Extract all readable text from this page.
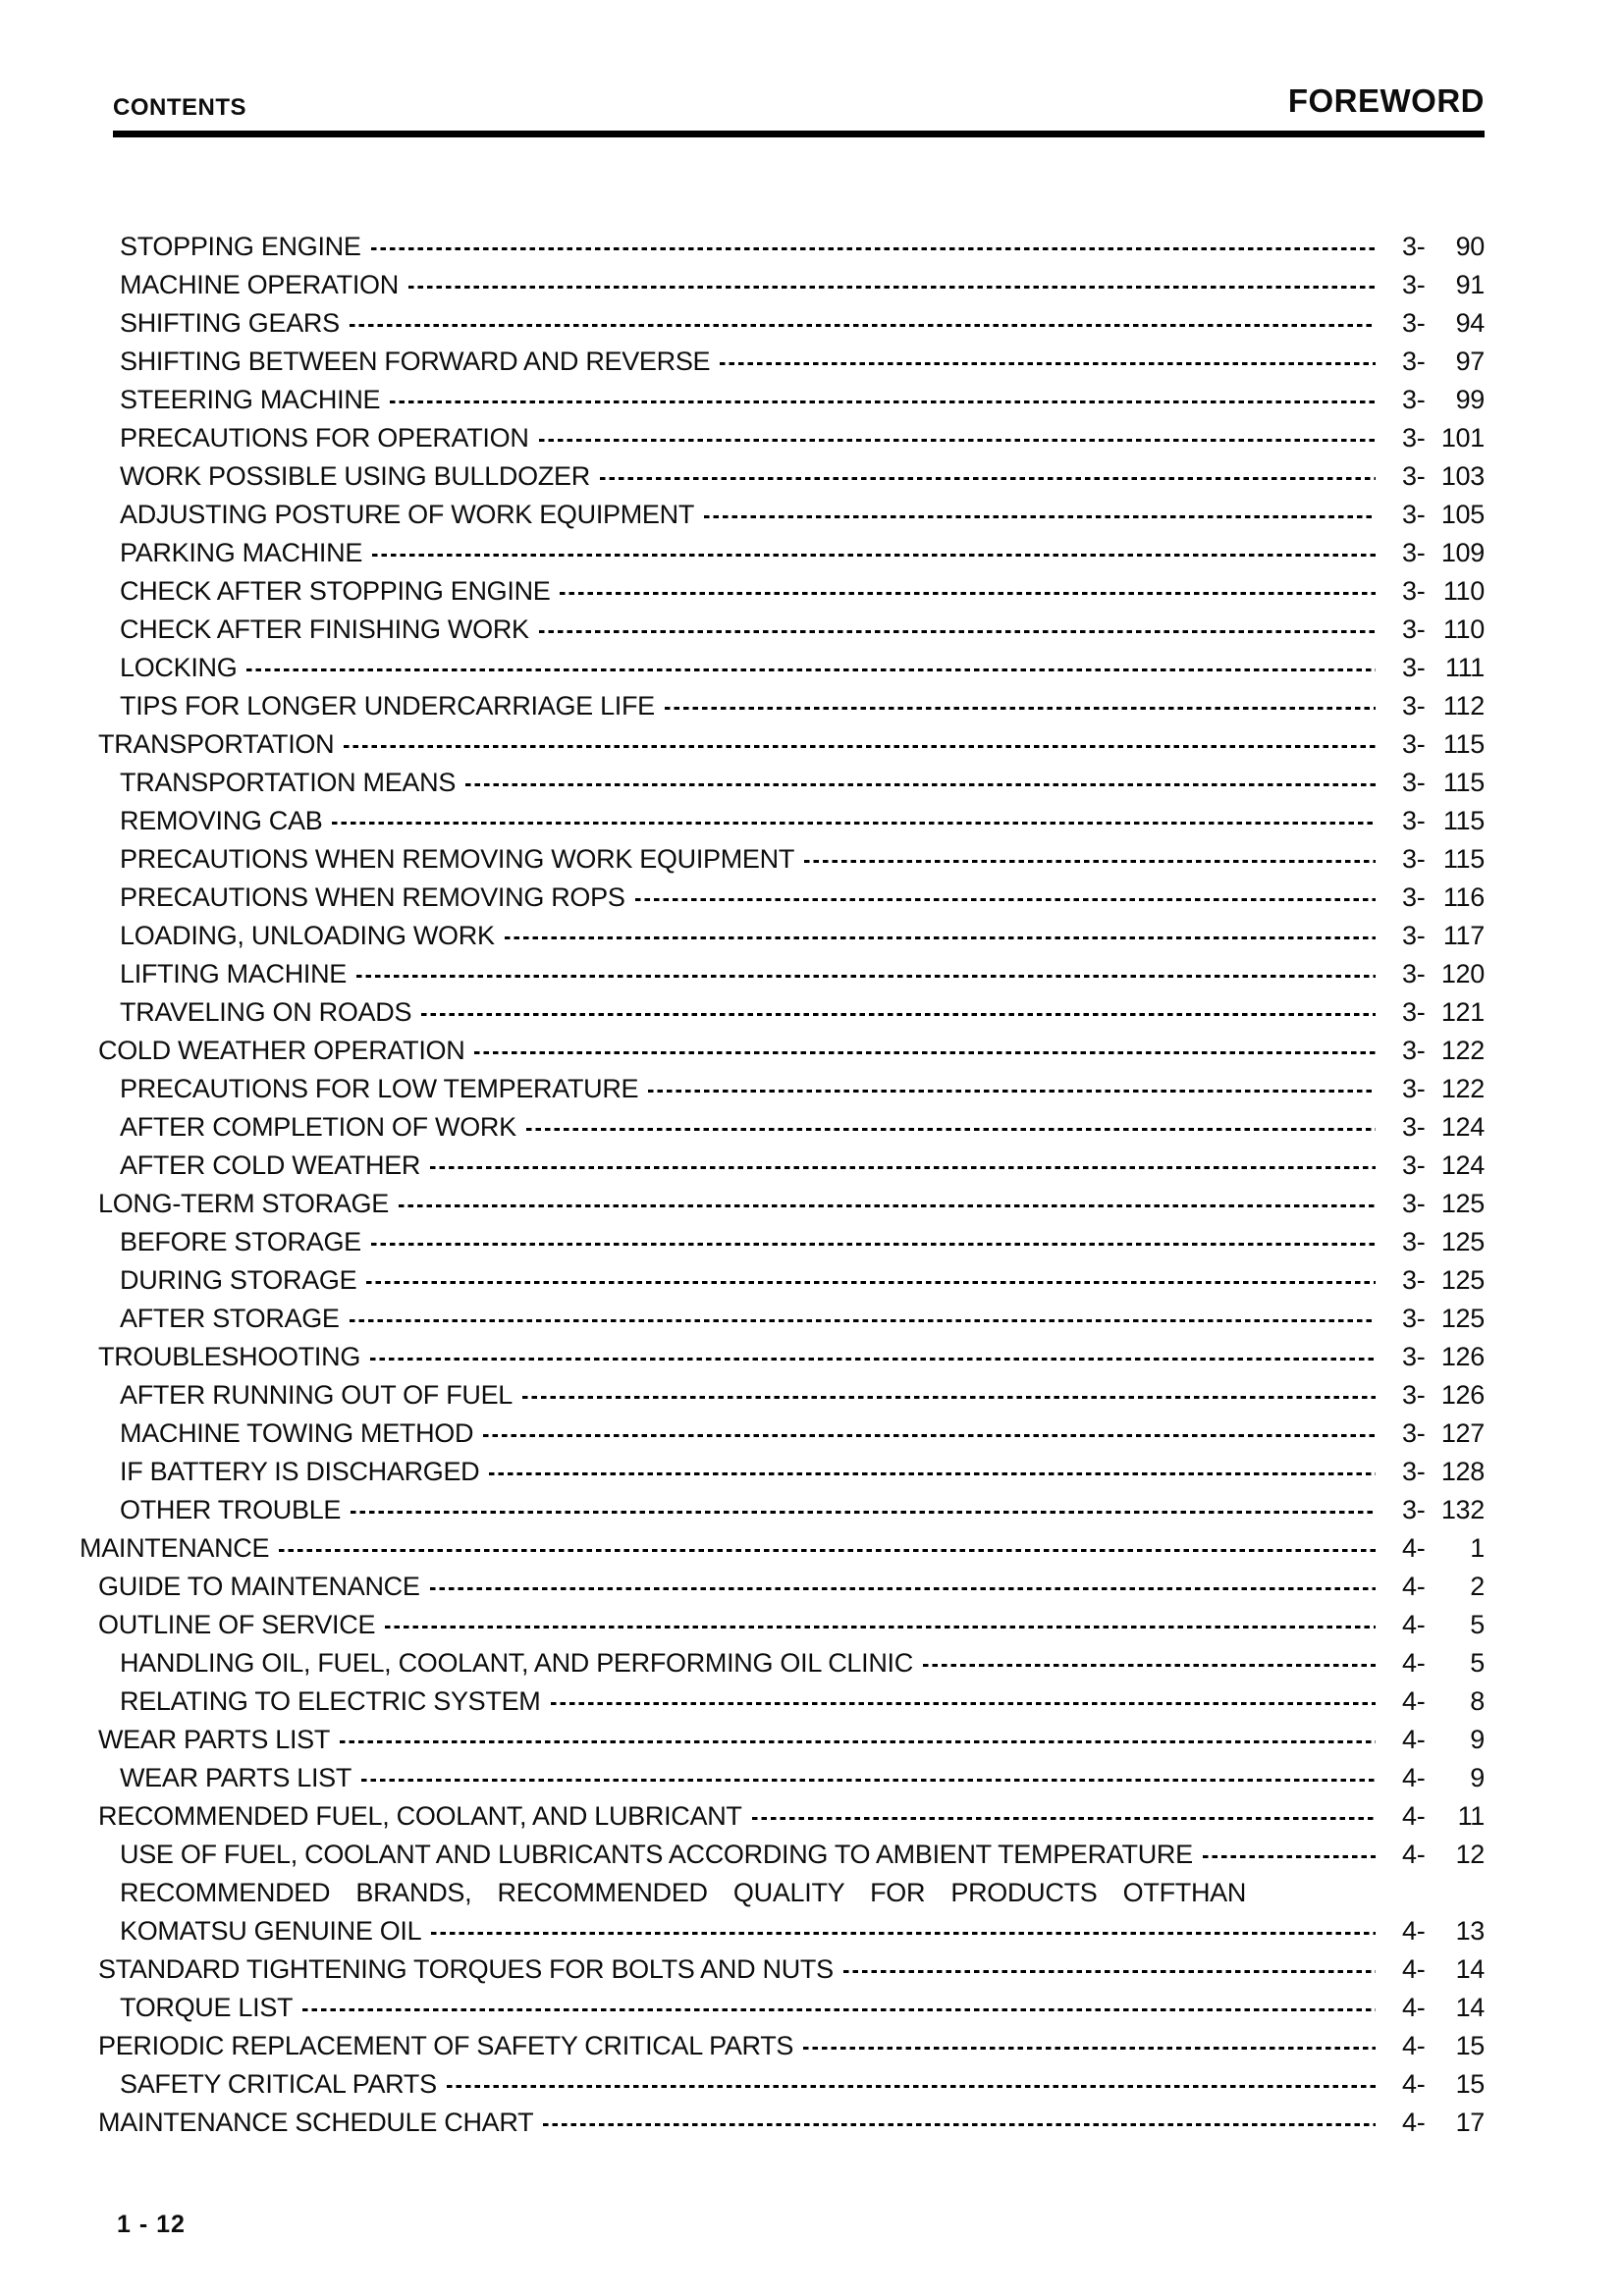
CONTENTS	FOREWORD
STOPPING ENGINE	3- 90
MACHINE OPERATION	3- 91
SHIFTING GEARS	3- 94
SHIFTING BETWEEN FORWARD AND REVERSE	3- 97
STEERING MACHINE	3- 99
PRECAUTIONS FOR OPERATION	3- 101
WORK POSSIBLE USING BULLDOZER	3- 103
ADJUSTING POSTURE OF WORK EQUIPMENT	3- 105
PARKING MACHINE	3- 109
CHECK AFTER STOPPING ENGINE	3- 110
CHECK AFTER FINISHING WORK	3- 110
LOCKING	3- 111
TIPS FOR LONGER UNDERCARRIAGE LIFE	3- 112
TRANSPORTATION	3- 115
TRANSPORTATION MEANS	3- 115
REMOVING CAB	3- 115
PRECAUTIONS WHEN REMOVING WORK EQUIPMENT	3- 115
PRECAUTIONS WHEN REMOVING ROPS	3- 116
LOADING, UNLOADING WORK	3- 117
LIFTING MACHINE	3- 120
TRAVELING ON ROADS	3- 121
COLD WEATHER OPERATION	3- 122
PRECAUTIONS FOR LOW TEMPERATURE	3- 122
AFTER COMPLETION OF WORK	3- 124
AFTER COLD WEATHER	3- 124
LONG-TERM STORAGE	3- 125
BEFORE STORAGE	3- 125
DURING STORAGE	3- 125
AFTER STORAGE	3- 125
TROUBLESHOOTING	3- 126
AFTER RUNNING OUT OF FUEL	3- 126
MACHINE TOWING METHOD	3- 127
IF BATTERY IS DISCHARGED	3- 128
OTHER TROUBLE	3- 132
MAINTENANCE	4- 1
GUIDE TO MAINTENANCE	4- 2
OUTLINE OF SERVICE	4- 5
HANDLING OIL, FUEL, COOLANT, AND PERFORMING OIL CLINIC	4- 5
RELATING TO ELECTRIC SYSTEM	4- 8
WEAR PARTS LIST	4- 9
WEAR PARTS LIST	4- 9
RECOMMENDED FUEL, COOLANT, AND LUBRICANT	4- 11
USE OF FUEL, COOLANT AND LUBRICANTS ACCORDING TO AMBIENT TEMPERATURE	4- 12
RECOMMENDED BRANDS, RECOMMENDED QUALITY FOR PRODUCTS OTFTHAN
KOMATSU GENUINE OIL	4- 13
STANDARD TIGHTENING TORQUES FOR BOLTS AND NUTS	4- 14
TORQUE LIST	4- 14
PERIODIC REPLACEMENT OF SAFETY CRITICAL PARTS	4- 15
SAFETY CRITICAL PARTS	4- 15
MAINTENANCE SCHEDULE CHART	4- 17
1 - 12
